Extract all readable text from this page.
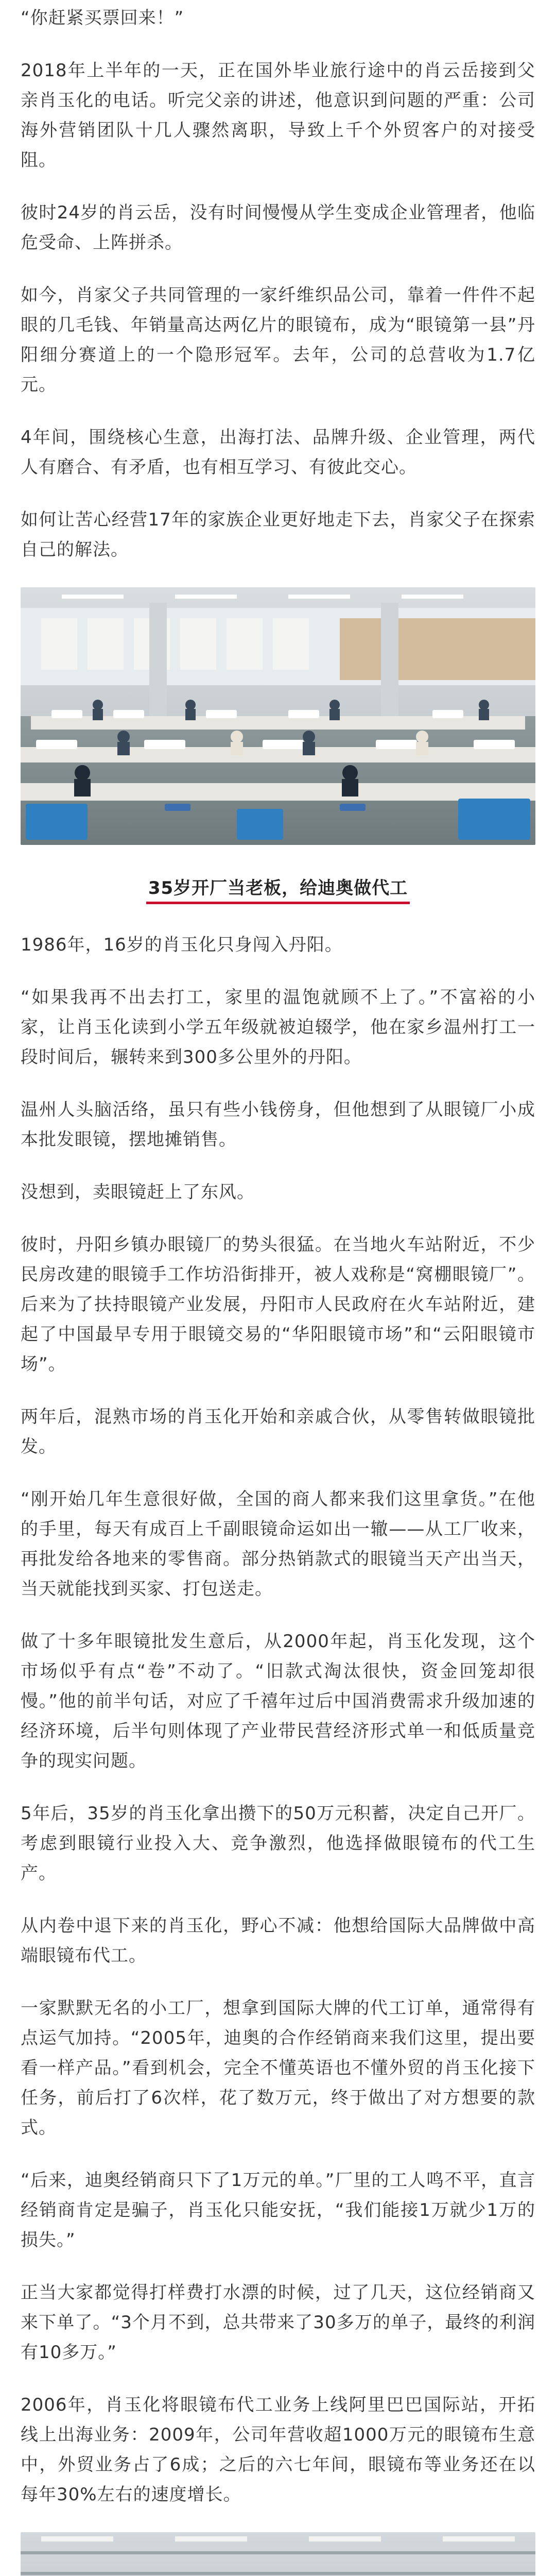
“你赶紧买票回来！”

2018年上半年的一天，正在国外毕业旅行途中的肖云岳接到父亲肖玉化的电话。听完父亲的讲述，他意识到问题的严重：公司海外营销团队十几人骤然离职，导致上千个外贸客户的对接受阻。

彼时24岁的肖云岳，没有时间慢慢从学生变成企业管理者，他临危受命、上阵拼杀。

如今，肖家父子共同管理的一家纤维织品公司，靠着一件件不起眼的几毛钱、年销量高达两亿片的眼镜布，成为“眼镜第一县”丹阳细分赛道上的一个隐形冠军。去年，公司的总营收为1.7亿元。

4年间，围绕核心生意，出海打法、品牌升级、企业管理，两代人有磨合、有矛盾，也有相互学习、有彼此交心。

如何让苦心经营17年的家族企业更好地走下去，肖家父子在探索自己的解法。

35岁开厂当老板，给迪奥做代工

1986年，16岁的肖玉化只身闯入丹阳。

“如果我再不出去打工，家里的温饱就顾不上了。”不富裕的小家，让肖玉化读到小学五年级就被迫辍学，他在家乡温州打工一段时间后，辗转来到300多公里外的丹阳。

温州人头脑活络，虽只有些小钱傍身，但他想到了从眼镜厂小成本批发眼镜，摆地摊销售。

没想到，卖眼镜赶上了东风。

彼时，丹阳乡镇办眼镜厂的势头很猛。在当地火车站附近，不少民房改建的眼镜手工作坊沿街排开，被人戏称是“窝棚眼镜厂”。后来为了扶持眼镜产业发展，丹阳市人民政府在火车站附近，建起了中国最早专用于眼镜交易的“华阳眼镜市场”和“云阳眼镜市场”。

两年后，混熟市场的肖玉化开始和亲戚合伙，从零售转做眼镜批发。

“刚开始几年生意很好做，全国的商人都来我们这里拿货。”在他的手里，每天有成百上千副眼镜命运如出一辙——从工厂收来，再批发给各地来的零售商。部分热销款式的眼镜当天产出当天，当天就能找到买家、打包送走。

做了十多年眼镜批发生意后，从2000年起，肖玉化发现，这个市场似乎有点“卷”不动了。“旧款式淘汰很快，资金回笼却很慢。”他的前半句话，对应了千禧年过后中国消费需求升级加速的经济环境，后半句则体现了产业带民营经济形式单一和低质量竞争的现实问题。

5年后，35岁的肖玉化拿出攒下的50万元积蓄，决定自己开厂。考虑到眼镜行业投入大、竞争激烈，他选择做眼镜布的代工生产。

从内卷中退下来的肖玉化，野心不减：他想给国际大品牌做中高端眼镜布代工。

一家默默无名的小工厂，想拿到国际大牌的代工订单，通常得有点运气加持。“2005年，迪奥的合作经销商来我们这里，提出要看一样产品。”看到机会，完全不懂英语也不懂外贸的肖玉化接下任务，前后打了6次样，花了数万元，终于做出了对方想要的款式。

“后来，迪奥经销商只下了1万元的单。”厂里的工人鸣不平，直言经销商肯定是骗子，肖玉化只能安抚，“我们能接1万就少1万的损失。”

正当大家都觉得打样费打水漂的时候，过了几天，这位经销商又来下单了。“3个月不到，总共带来了30多万的单子，最终的利润有10多万。”

2006年，肖玉化将眼镜布代工业务上线阿里巴巴国际站，开拓线上出海业务：2009年，公司年营收超1000万元的眼镜布生意中，外贸业务占了6成；之后的六七年间，眼镜布等业务还在以每年30%左右的速度增长。
